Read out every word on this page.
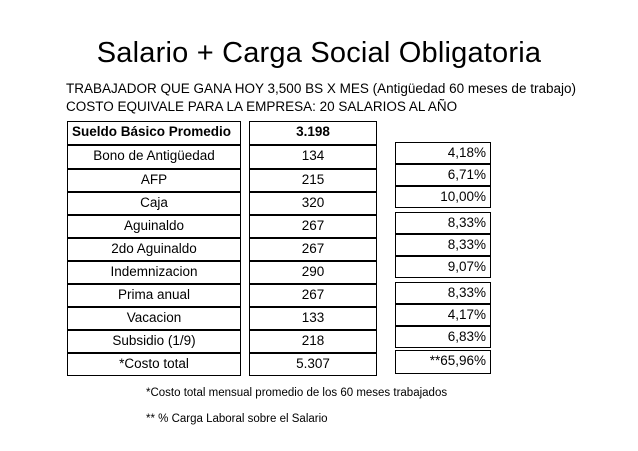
Salario + Carga Social Obligatoria
TRABAJADOR QUE GANA HOY 3,500 BS X MES (Antigüedad 60 meses de trabajo)
COSTO EQUIVALE PARA LA EMPRESA: 20 SALARIOS AL AÑO
Sueldo Básico Promedio	3.198
Bono de Antigüedad	134	4,18%
AFP	215	6,71%
Caja	320	10,00%
Aguinaldo	267	8,33%
2do Aguinaldo	267	8,33%
Indemnizacion	290	9,07%
Prima anual	267	8,33%
Vacacion	133	4,17%
Subsidio (1/9)	218	6,83%
*Costo total	5.307	**65,96%
*Costo total mensual promedio de los 60 meses trabajados
** % Carga Laboral sobre el Salario
